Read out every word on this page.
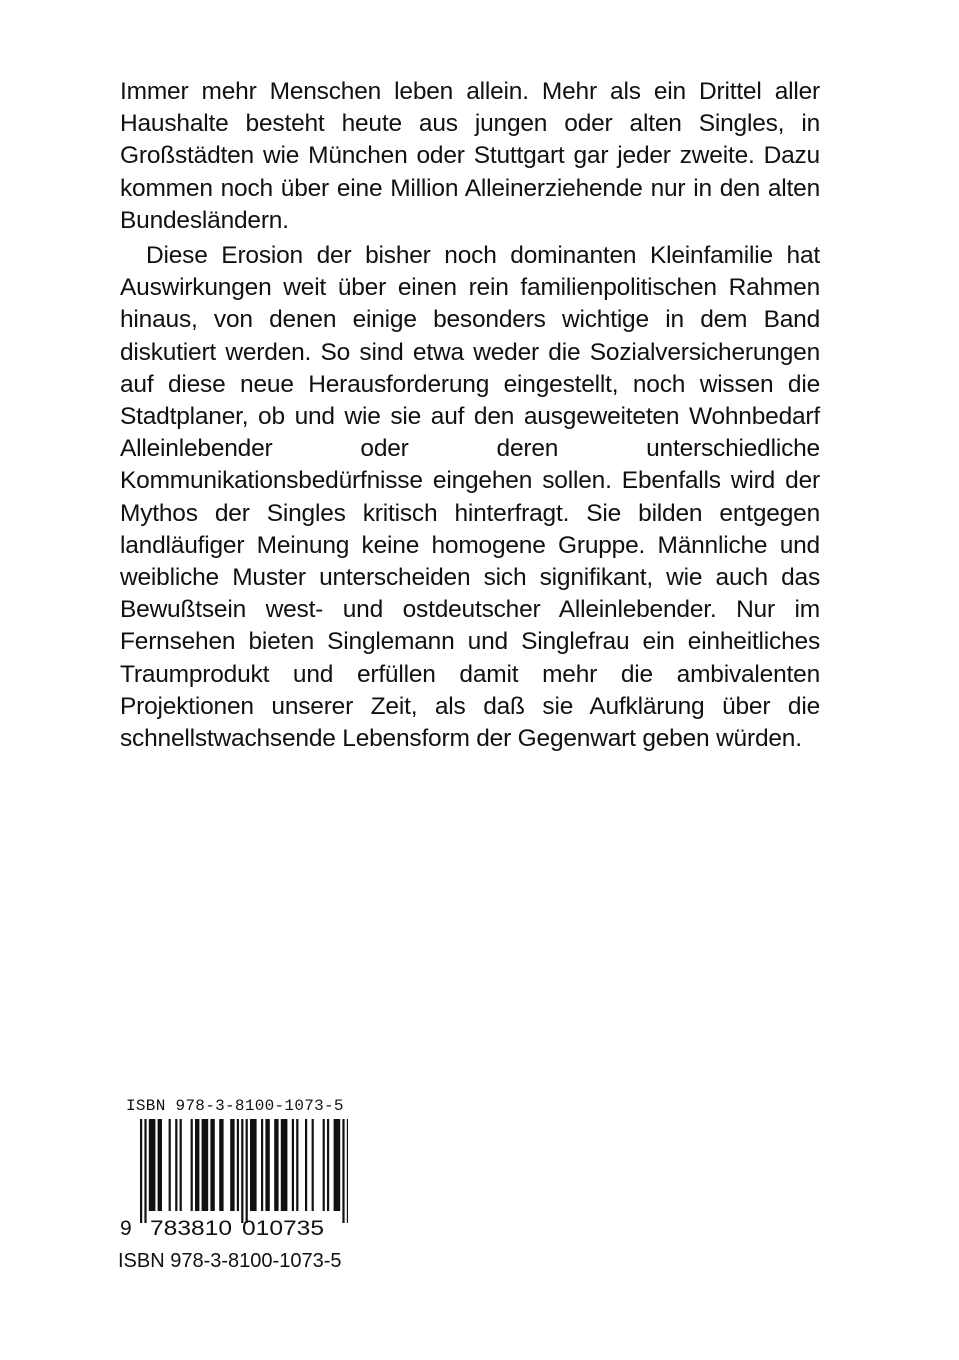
Immer mehr Menschen leben allein. Mehr als ein Drittel aller Haushalte besteht heute aus jungen oder alten Singles, in Großstädten wie München oder Stuttgart gar jeder zweite. Dazu kommen noch über eine Million Alleinerziehende nur in den alten Bundesländern.

Diese Erosion der bisher noch dominanten Kleinfamilie hat Auswirkungen weit über einen rein familienpolitischen Rahmen hinaus, von denen einige besonders wichtige in dem Band diskutiert werden. So sind etwa weder die Sozialversicherungen auf diese neue Herausforderung eingestellt, noch wissen die Stadtplaner, ob und wie sie auf den ausgeweiteten Wohnbedarf Alleinlebender oder deren unterschiedliche Kommunikationsbedürfnisse eingehen sollen. Ebenfalls wird der Mythos der Singles kritisch hinterfragt. Sie bilden entgegen landläufiger Meinung keine homogene Gruppe. Männliche und weibliche Muster unterscheiden sich signifikant, wie auch das Bewußtsein west- und ostdeutscher Alleinlebender. Nur im Fernsehen bieten Singlemann und Singlefrau ein einheitliches Traumprodukt und erfüllen damit mehr die ambivalenten Projektionen unserer Zeit, als daß sie Aufklärung über die schnellstwachsende Lebensform der Gegenwart geben würden.

ISBN 978-3-8100-1073-5
9 783810 010735
ISBN 978-3-8100-1073-5
